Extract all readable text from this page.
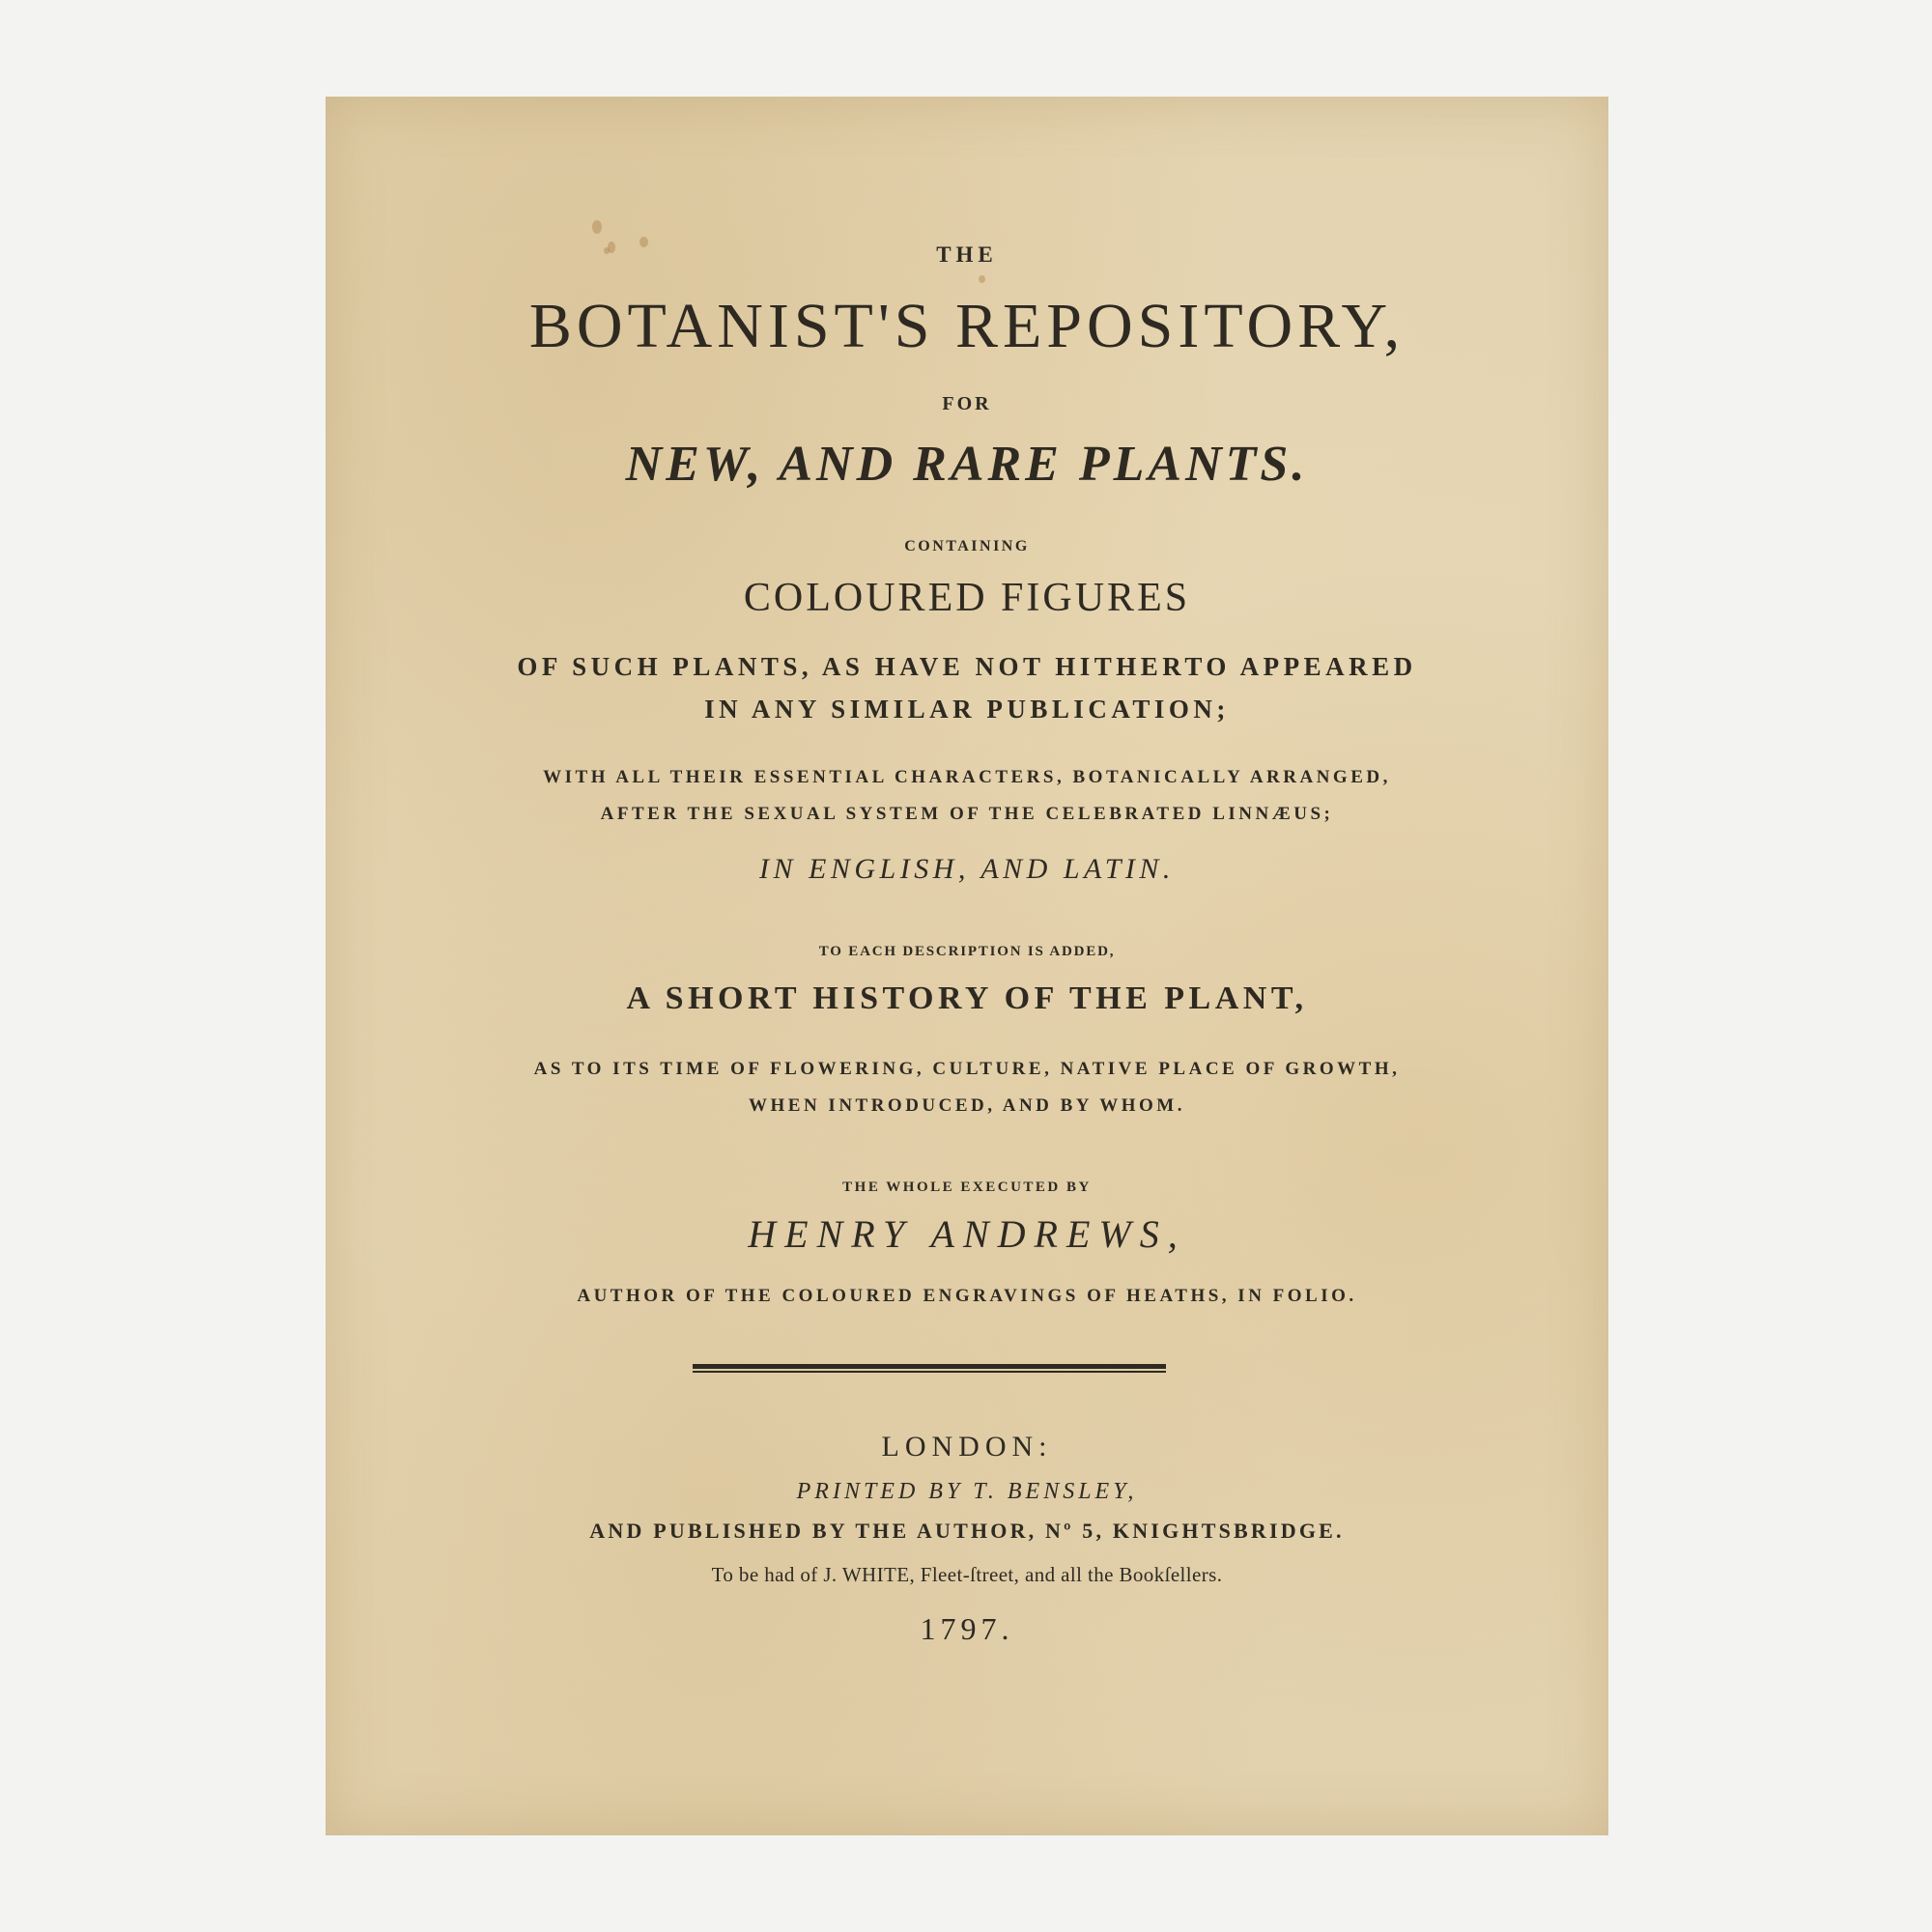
THE

BOTANIST'S REPOSITORY,

FOR

NEW, AND RARE PLANTS.

CONTAINING

COLOURED FIGURES

OF SUCH PLANTS, AS HAVE NOT HITHERTO APPEARED

IN ANY SIMILAR PUBLICATION;

WITH ALL THEIR ESSENTIAL CHARACTERS, BOTANICALLY ARRANGED,

AFTER THE SEXUAL SYSTEM OF THE CELEBRATED LINNÆUS;

IN ENGLISH, AND LATIN.

TO EACH DESCRIPTION IS ADDED,

A SHORT HISTORY OF THE PLANT,

AS TO ITS TIME OF FLOWERING, CULTURE, NATIVE PLACE OF GROWTH,

WHEN INTRODUCED, AND BY WHOM.

THE WHOLE EXECUTED BY

HENRY ANDREWS,

AUTHOR OF THE COLOURED ENGRAVINGS OF HEATHS, IN FOLIO.

LONDON:

PRINTED BY T. BENSLEY,

AND PUBLISHED BY THE AUTHOR, Nº 5, KNIGHTSBRIDGE.

To be had of J. WHITE, Fleet-ſtreet, and all the Bookſellers.

1797.
